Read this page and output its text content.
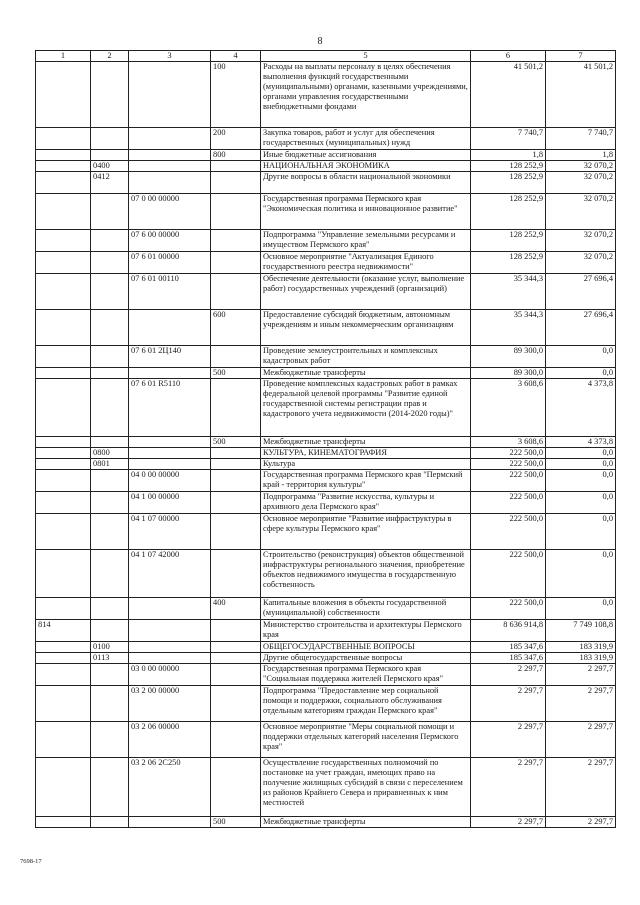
8
1	2	3	4	5	6	7
			100	Расходы на выплаты персоналу в целях обеспечения выполнения функций государственными (муниципальными) органами, казенными учреждениями, органами управления государственными внебюджетными фондами	41 501,2	41 501,2
			200	Закупка товаров, работ и услуг для обеспечения государственных (муниципальных) нужд	7 740,7	7 740,7
			800	Иные бюджетные ассигнования	1,8	1,8
	0400			НАЦИОНАЛЬНАЯ ЭКОНОМИКА	128 252,9	32 070,2
	0412			Другие вопросы в области национальной экономики	128 252,9	32 070,2
		07 0 00 00000		Государственная программа Пермского края "Экономическая политика и инновационное развитие"	128 252,9	32 070,2
		07 6 00 00000		Подпрограмма "Управление земельными ресурсами и имуществом Пермского края"	128 252,9	32 070,2
		07 6 01 00000		Основное мероприятие "Актуализация Единого государственного реестра недвижимости"	128 252,9	32 070,2
		07 6 01 00110		Обеспечение деятельности (оказание услуг, выполнение работ) государственных учреждений (организаций)	35 344,3	27 696,4
			600	Предоставление субсидий бюджетным, автономным учреждениям и иным некоммерческим организациям	35 344,3	27 696,4
		07 6 01 2Ц140		Проведение землеустроительных и комплексных кадастровых работ	89 300,0	0,0
			500	Межбюджетные трансферты	89 300,0	0,0
		07 6 01 R5110		Проведение комплексных кадастровых работ в рамках федеральной целевой программы "Развитие единой государственной системы регистрации прав и кадастрового учета недвижимости (2014-2020 годы)"	3 608,6	4 373,8
			500	Межбюджетные трансферты	3 608,6	4 373,8
	0800			КУЛЬТУРА, КИНЕМАТОГРАФИЯ	222 500,0	0,0
	0801			Культура	222 500,0	0,0
		04 0 00 00000		Государственная программа Пермского края "Пермский край - территория культуры"	222 500,0	0,0
		04 1 00 00000		Подпрограмма "Развитие искусства, культуры и архивного дела Пермского края"	222 500,0	0,0
		04 1 07 00000		Основное мероприятие "Развитие инфраструктуры в сфере культуры Пермского края"	222 500,0	0,0
		04 1 07 42000		Строительство (реконструкция) объектов общественной инфраструктуры регионального значения, приобретение объектов недвижимого имущества в государственную собственность	222 500,0	0,0
			400	Капитальные вложения в объекты государственной (муниципальной) собственности	222 500,0	0,0
814				Министерство строительства и архитектуры Пермского края	8 636 914,8	7 749 108,8
	0100			ОБЩЕГОСУДАРСТВЕННЫЕ ВОПРОСЫ	185 347,6	183 319,9
	0113			Другие общегосударственные вопросы	185 347,6	183 319,9
		03 0 00 00000		Государственная программа Пермского края "Социальная поддержка жителей Пермского края"	2 297,7	2 297,7
		03 2 00 00000		Подпрограмма "Предоставление мер социальной помощи и поддержки, социального обслуживания отдельным категориям граждан Пермского края"	2 297,7	2 297,7
		03 2 06 00000		Основное мероприятие "Меры социальной помощи и поддержки отдельных категорий населения Пермского края"	2 297,7	2 297,7
		03 2 06 2С250		Осуществление государственных полномочий по постановке на учет граждан, имеющих право на получение жилищных субсидий в связи с переселением из районов Крайнего Севера и приравненных к ним местностей	2 297,7	2 297,7
			500	Межбюджетные трансферты	2 297,7	2 297,7
7698-17
